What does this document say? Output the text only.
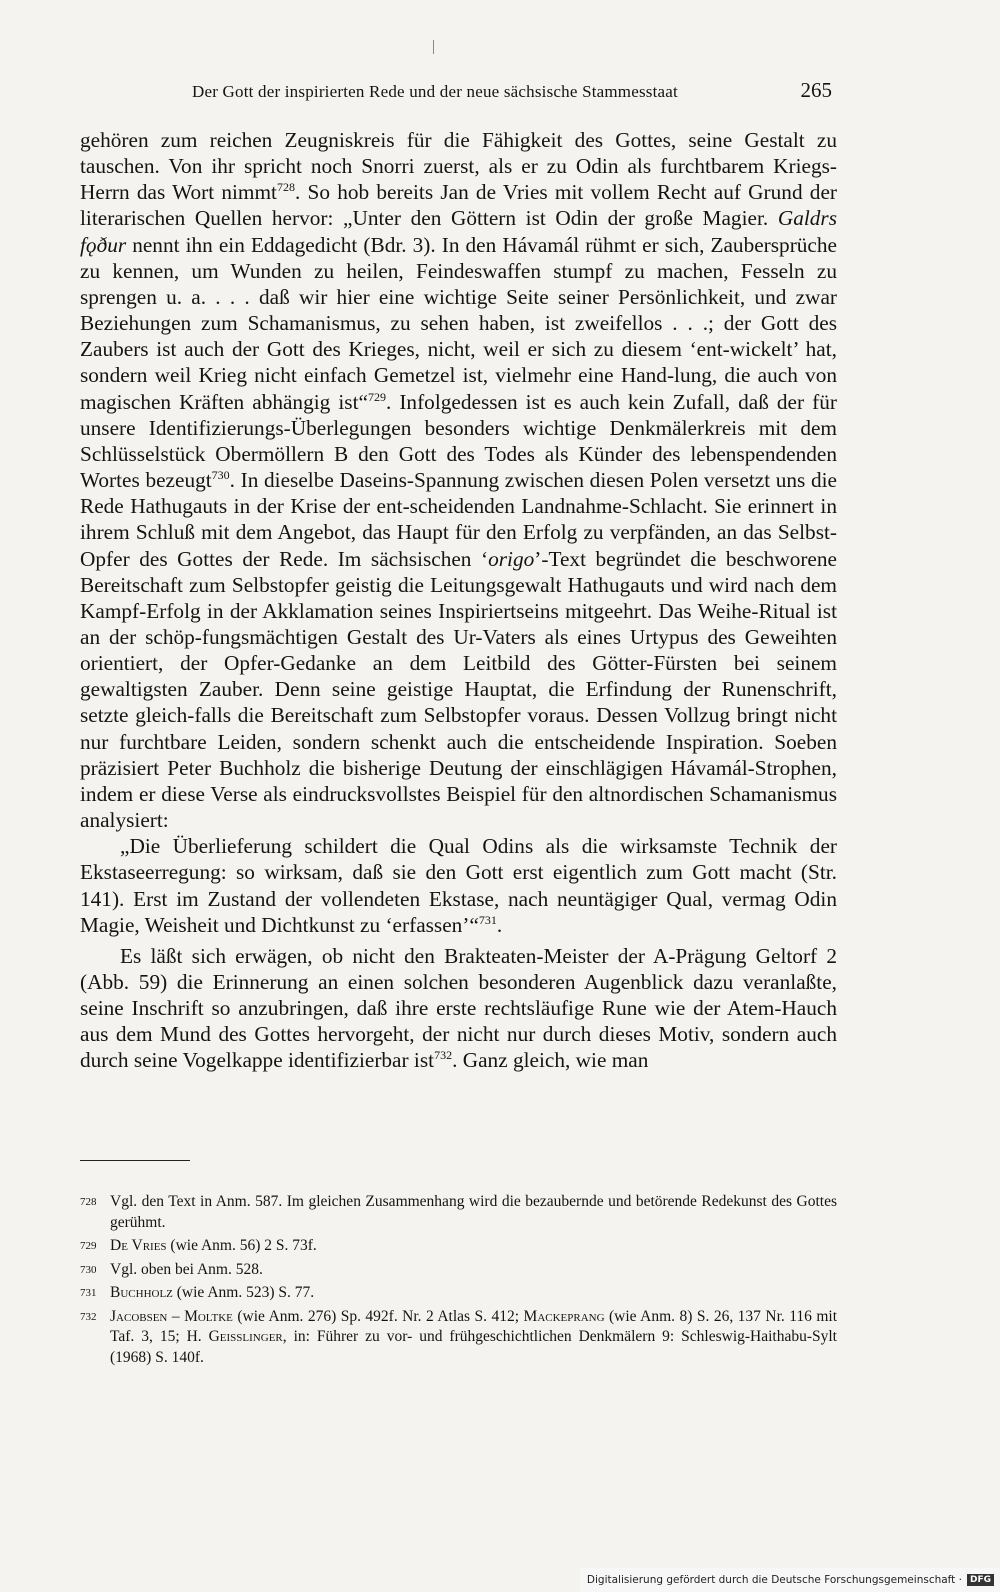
Der Gott der inspirierten Rede und der neue sächsische Stammesstaat	265

gehören zum reichen Zeugniskreis für die Fähigkeit des Gottes, seine Gestalt zu tauschen. Von ihr spricht noch Snorri zuerst, als er zu Odin als furchtbarem Kriegs-Herrn das Wort nimmt$^{728}$. So hob bereits Jan de Vries mit vollem Recht auf Grund der literarischen Quellen hervor: „Unter den Göttern ist Odin der große Magier. Galdrs fǫður nennt ihn ein Eddagedicht (Bdr. 3). In den Hávamál rühmt er sich, Zaubersprüche zu kennen, um Wunden zu heilen, Feindeswaffen stumpf zu machen, Fesseln zu sprengen u. a. . . . daß wir hier eine wichtige Seite seiner Persönlichkeit, und zwar Beziehungen zum Schamanismus, zu sehen haben, ist zweifellos . . .; der Gott des Zaubers ist auch der Gott des Krieges, nicht, weil er sich zu diesem ‘ent-wickelt’ hat, sondern weil Krieg nicht einfach Gemetzel ist, vielmehr eine Hand-lung, die auch von magischen Kräften abhängig ist“$^{729}$. Infolgedessen ist es auch kein Zufall, daß der für unsere Identifizierungs-Überlegungen besonders wichtige Denkmälerkreis mit dem Schlüsselstück Obermöllern B den Gott des Todes als Künder des lebenspendenden Wortes bezeugt$^{730}$. In dieselbe Daseins-Spannung zwischen diesen Polen versetzt uns die Rede Hathugauts in der Krise der ent-scheidenden Landnahme-Schlacht. Sie erinnert in ihrem Schluß mit dem Angebot, das Haupt für den Erfolg zu verpfänden, an das Selbst-Opfer des Gottes der Rede. Im sächsischen ‘origo’-Text begründet die beschworene Bereitschaft zum Selbstopfer geistig die Leitungsgewalt Hathugauts und wird nach dem Kampf-Erfolg in der Akklamation seines Inspiriertseins mitgeehrt. Das Weihe-Ritual ist an der schöp-fungsmächtigen Gestalt des Ur-Vaters als eines Urtypus des Geweihten orientiert, der Opfer-Gedanke an dem Leitbild des Götter-Fürsten bei seinem gewaltigsten Zauber. Denn seine geistige Hauptat, die Erfindung der Runenschrift, setzte gleich-falls die Bereitschaft zum Selbstopfer voraus. Dessen Vollzug bringt nicht nur furchtbare Leiden, sondern schenkt auch die entscheidende Inspiration. Soeben präzisiert Peter Buchholz die bisherige Deutung der einschlägigen Hávamál-Strophen, indem er diese Verse als eindrucksvollstes Beispiel für den altnordischen Schamanismus analysiert:

„Die Überlieferung schildert die Qual Odins als die wirksamste Technik der Ekstaseerregung: so wirksam, daß sie den Gott erst eigentlich zum Gott macht (Str. 141). Erst im Zustand der vollendeten Ekstase, nach neuntägiger Qual, vermag Odin Magie, Weisheit und Dichtkunst zu ‘erfassen’“$^{731}$.

Es läßt sich erwägen, ob nicht den Brakteaten-Meister der A-Prägung Geltorf 2 (Abb. 59) die Erinnerung an einen solchen besonderen Augenblick dazu veranlaßte, seine Inschrift so anzubringen, daß ihre erste rechtsläufige Rune wie der Atem-Hauch aus dem Mund des Gottes hervorgeht, der nicht nur durch dieses Motiv, sondern auch durch seine Vogelkappe identifizierbar ist$^{732}$. Ganz gleich, wie man

728 Vgl. den Text in Anm. 587. Im gleichen Zusammenhang wird die bezaubernde und betörende Redekunst des Gottes gerühmt.
729 De Vries (wie Anm. 56) 2 S. 73f.
730 Vgl. oben bei Anm. 528.
731 Buchholz (wie Anm. 523) S. 77.
732 Jacobsen – Moltke (wie Anm. 276) Sp. 492f. Nr. 2 Atlas S. 412; Mackeprang (wie Anm. 8) S. 26, 137 Nr. 116 mit Taf. 3, 15; H. Geisslinger, in: Führer zu vor- und frühgeschichtlichen Denkmälern 9: Schleswig-Haithabu-Sylt (1968) S. 140f.
Digitalisierung gefördert durch die Deutsche Forschungsgemeinschaft · DFG
